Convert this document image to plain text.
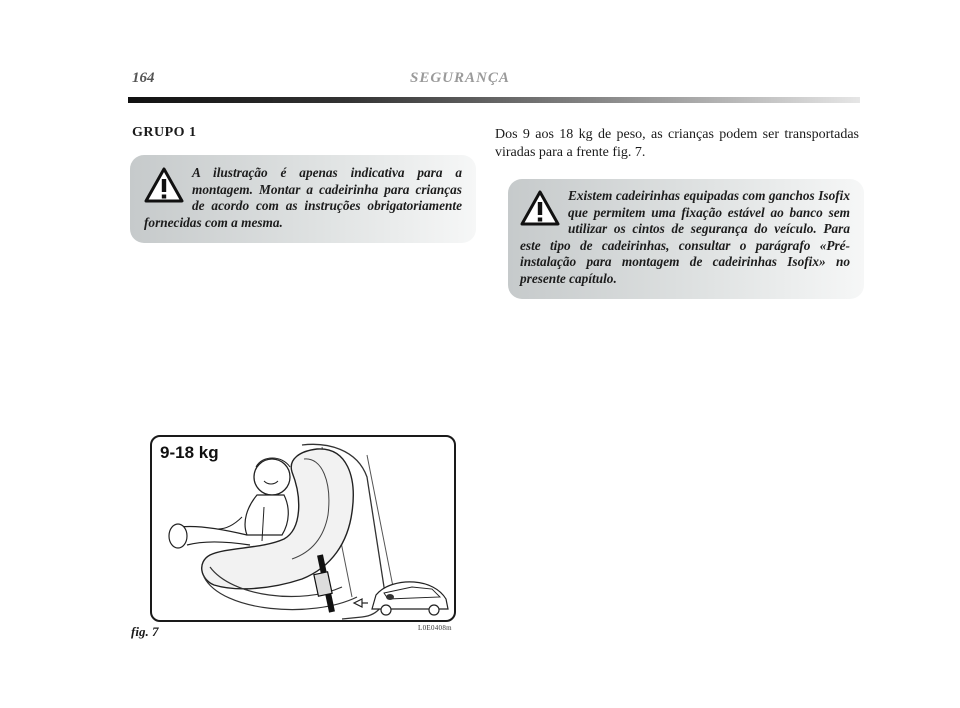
164	SEGURANÇA
GRUPO 1

A ilustração é apenas indicativa para a montagem. Montar a cadeirinha para crianças de acordo com as instruções obrigatoriamente fornecidas com a mesma.

Dos 9 aos 18 kg de peso, as crianças podem ser transportadas viradas para a frente fig. 7.

Existem cadeirinhas equipadas com ganchos Isofix que permitem uma fixação estável ao banco sem utilizar os cintos de segurança do veículo. Para este tipo de cadeirinhas, consultar o parágrafo «Pré-instalação para montagem de cadeirinhas Isofix» no presente capítulo.

9-18 kg
fig. 7	L0E0408m
